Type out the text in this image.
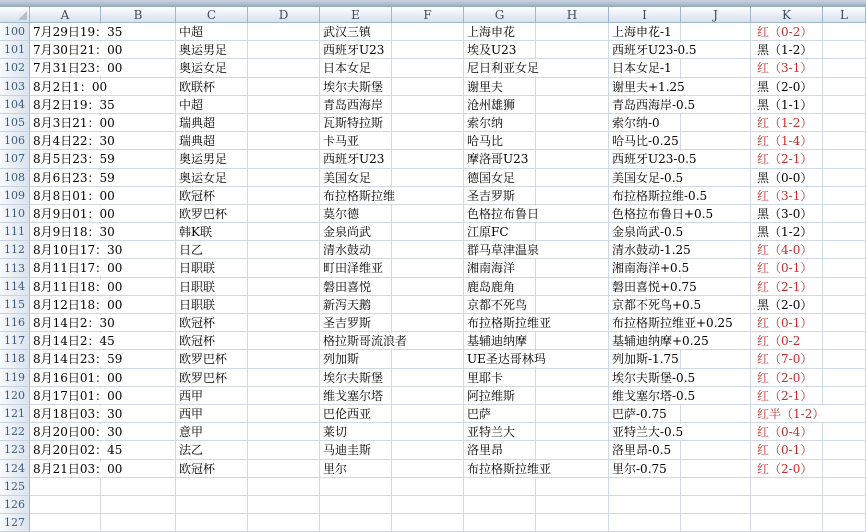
A	B	C	D	E	F	G	H	I	J	K	L
100 7月29日19：35	中超	武汉三镇	上海申花	上海申花-1	红（0-2）
101 7月30日21：00	奥运男足	西班牙U23	埃及U23	西班牙U23-0.5	黑（1-2）
102 7月31日23：00	奥运女足	日本女足	尼日利亚女足	日本女足-1	红（3-1）
103 8月2日1：00	欧联杯	埃尔夫斯堡	谢里夫	谢里夫+1.25	黑（2-0）
104 8月2日19：35	中超	青岛西海岸	沧州雄狮	青岛西海岸-0.5	黑（1-1）
105 8月3日21：00	瑞典超	瓦斯特拉斯	索尔纳	索尔纳-0	红（1-2）
106 8月4日22：30	瑞典超	卡马亚	哈马比	哈马比-0.25	红（1-4）
107 8月5日23：59	奥运男足	西班牙U23	摩洛哥U23	西班牙U23-0.5	红（2-1）
108 8月6日23：59	奥运女足	美国女足	德国女足	美国女足-0.5	黑（0-0）
109 8月8日01：00	欧冠杯	布拉格斯拉维	圣吉罗斯	布拉格斯拉维-0.5	红（3-1）
110 8月9日01：00	欧罗巴杯	莫尔德	色格拉布鲁日	色格拉布鲁日+0.5	黑（3-0）
111 8月9日18：30	韩K联	金泉尚武	江原FC	金泉尚武-0.5	黑（1-2）
112 8月10日17：30	日乙	清水鼓动	群马草津温泉	清水鼓动-1.25	红（4-0）
113 8月11日17：00	日职联	町田泽维亚	湘南海洋	湘南海洋+0.5	红（0-1）
114 8月11日18：00	日职联	磐田喜悦	鹿岛鹿角	磐田喜悦+0.75	红（2-1）
115 8月12日18：00	日职联	新泻天鹅	京都不死鸟	京都不死鸟+0.5	黑（2-0）
116 8月14日2：30	欧冠杯	圣吉罗斯	布拉格斯拉维亚	布拉格斯拉维亚+0.25	红（0-1）
117 8月14日2：45	欧冠杯	格拉斯哥流浪者	基辅迪纳摩	基辅迪纳摩+0.25	红（0-2
118 8月14日23：59	欧罗巴杯	列加斯	UE圣达哥林玛	列加斯-1.75	红（7-0）
119 8月16日01：00	欧罗巴杯	埃尔夫斯堡	里耶卡	埃尔夫斯堡-0.5	红（2-0）
120 8月17日01：00	西甲	维戈塞尔塔	阿拉维斯	维戈塞尔塔-0.5	红（2-1）
121 8月18日03：30	西甲	巴伦西亚	巴萨	巴萨-0.75	红半（1-2）
122 8月20日00：30	意甲	莱切	亚特兰大	亚特兰大-0.5	红（0-4）
123 8月20日02：45	法乙	马迪圭斯	洛里昂	洛里昂-0.5	红（0-1）
124 8月21日03：00	欧冠杯	里尔	布拉格斯拉维亚	里尔-0.75	红（2-0）
125
126
127
